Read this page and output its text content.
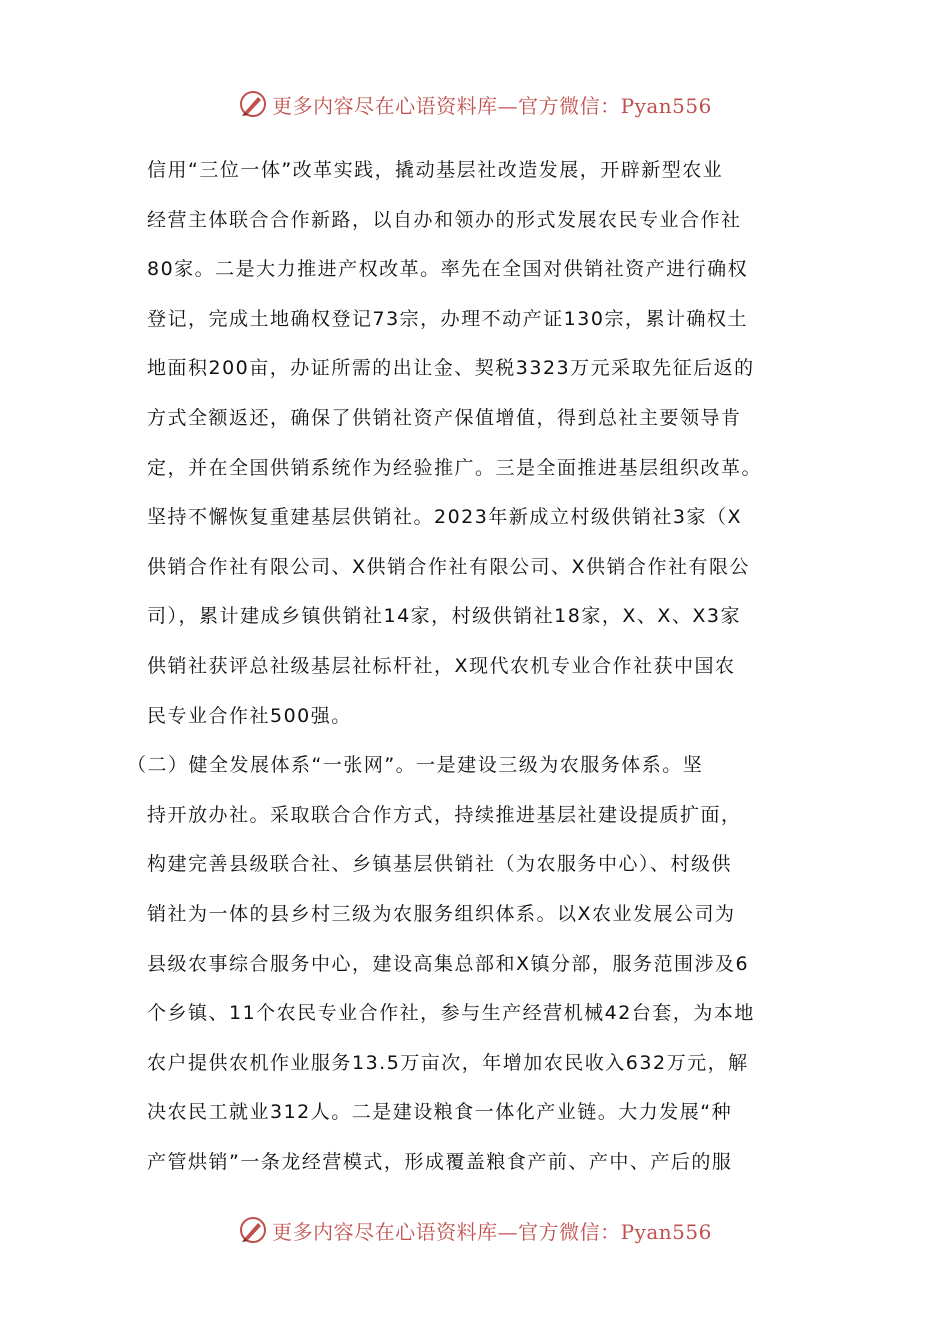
更多内容尽在心语资料库—官方微信：Pyan556
信用“三位一体”改革实践，撬动基层社改造发展，开辟新型农业
经营主体联合合作新路，以自办和领办的形式发展农民专业合作社
80家。二是大力推进产权改革。率先在全国对供销社资产进行确权
登记，完成土地确权登记73宗，办理不动产证130宗，累计确权土
地面积200亩，办证所需的出让金、契税3323万元采取先征后返的
方式全额返还，确保了供销社资产保值增值，得到总社主要领导肯
定，并在全国供销系统作为经验推广。三是全面推进基层组织改革。
坚持不懈恢复重建基层供销社。2023年新成立村级供销社3家（X
供销合作社有限公司、X供销合作社有限公司、X供销合作社有限公
司），累计建成乡镇供销社14家，村级供销社18家，X、X、X3家
供销社获评总社级基层社标杆社，X现代农机专业合作社获中国农
民专业合作社500强。
（二）健全发展体系“一张网”。一是建设三级为农服务体系。坚
持开放办社。采取联合合作方式，持续推进基层社建设提质扩面，
构建完善县级联合社、乡镇基层供销社（为农服务中心）、村级供
销社为一体的县乡村三级为农服务组织体系。以X农业发展公司为
县级农事综合服务中心，建设高集总部和X镇分部，服务范围涉及6
个乡镇、11个农民专业合作社，参与生产经营机械42台套，为本地
农户提供农机作业服务13.5万亩次，年增加农民收入632万元，解
决农民工就业312人。二是建设粮食一体化产业链。大力发展“种
产管烘销”一条龙经营模式，形成覆盖粮食产前、产中、产后的服
更多内容尽在心语资料库—官方微信：Pyan556
